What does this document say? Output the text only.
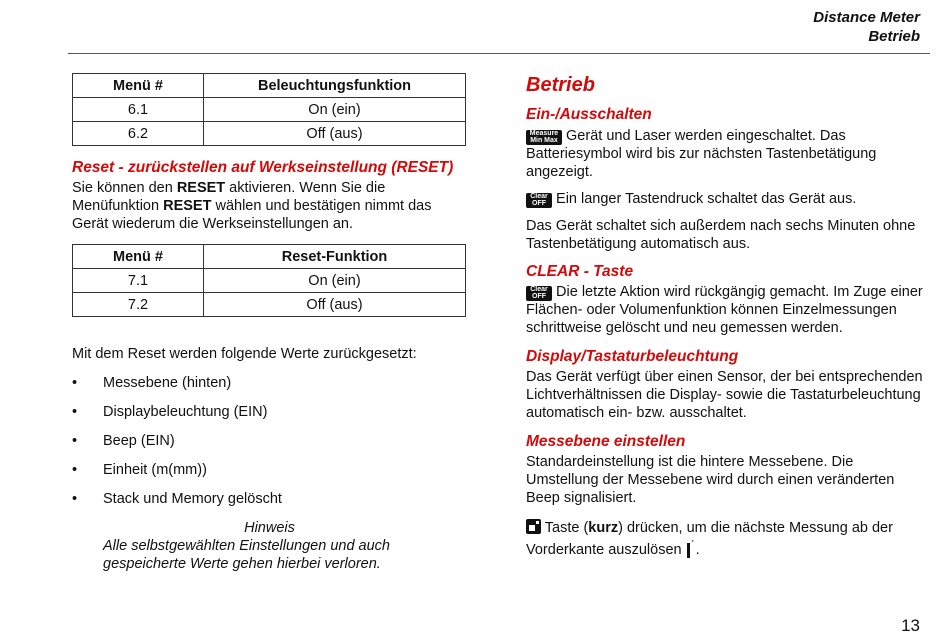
Distance Meter
Betrieb
Menü #	Beleuchtungsfunktion
6.1	On (ein)
6.2	Off (aus)
Reset - zurückstellen auf Werkseinstellung (RESET)

Sie können den RESET aktivieren. Wenn Sie die Menüfunktion RESET wählen und bestätigen nimmt das Gerät wiederum die Werkseinstellungen an.

Menü #	Reset-Funktion
7.1	On (ein)
7.2	Off (aus)

Mit dem Reset werden folgende Werte zurückgesetzt:

• Messebene (hinten)
• Displaybeleuchtung (EIN)
• Beep (EIN)
• Einheit (m(mm))
• Stack und Memory gelöscht
Hinweis
Alle selbstgewählten Einstellungen und auch gespeicherte Werte gehen hierbei verloren.
Betrieb
Ein-/Ausschalten

Measure
Min Max Gerät und Laser werden eingeschaltet. Das Batteriesymbol wird bis zur nächsten Tastenbetätigung angezeigt.

Clear
OFF Ein langer Tastendruck schaltet das Gerät aus.

Das Gerät schaltet sich außerdem nach sechs Minuten ohne Tastenbetätigung automatisch aus.

CLEAR - Taste

Clear
OFF Die letzte Aktion wird rückgängig gemacht. Im Zuge einer Flächen- oder Volumenfunktion können Einzelmessungen schrittweise gelöscht und neu gemessen werden.

Display/Tastaturbeleuchtung

Das Gerät verfügt über einen Sensor, der bei entsprechenden Lichtverhältnissen die Display- sowie die Tastaturbeleuchtung automatisch ein- bzw. ausschaltet.

Messebene einstellen

Standardeinstellung ist die hintere Messebene. Die Umstellung der Messebene wird durch einen veränderten Beep signalisiert.

Taste (kurz) drücken, um die nächste Messung ab der Vorderkante auszulösen ’ .

13
